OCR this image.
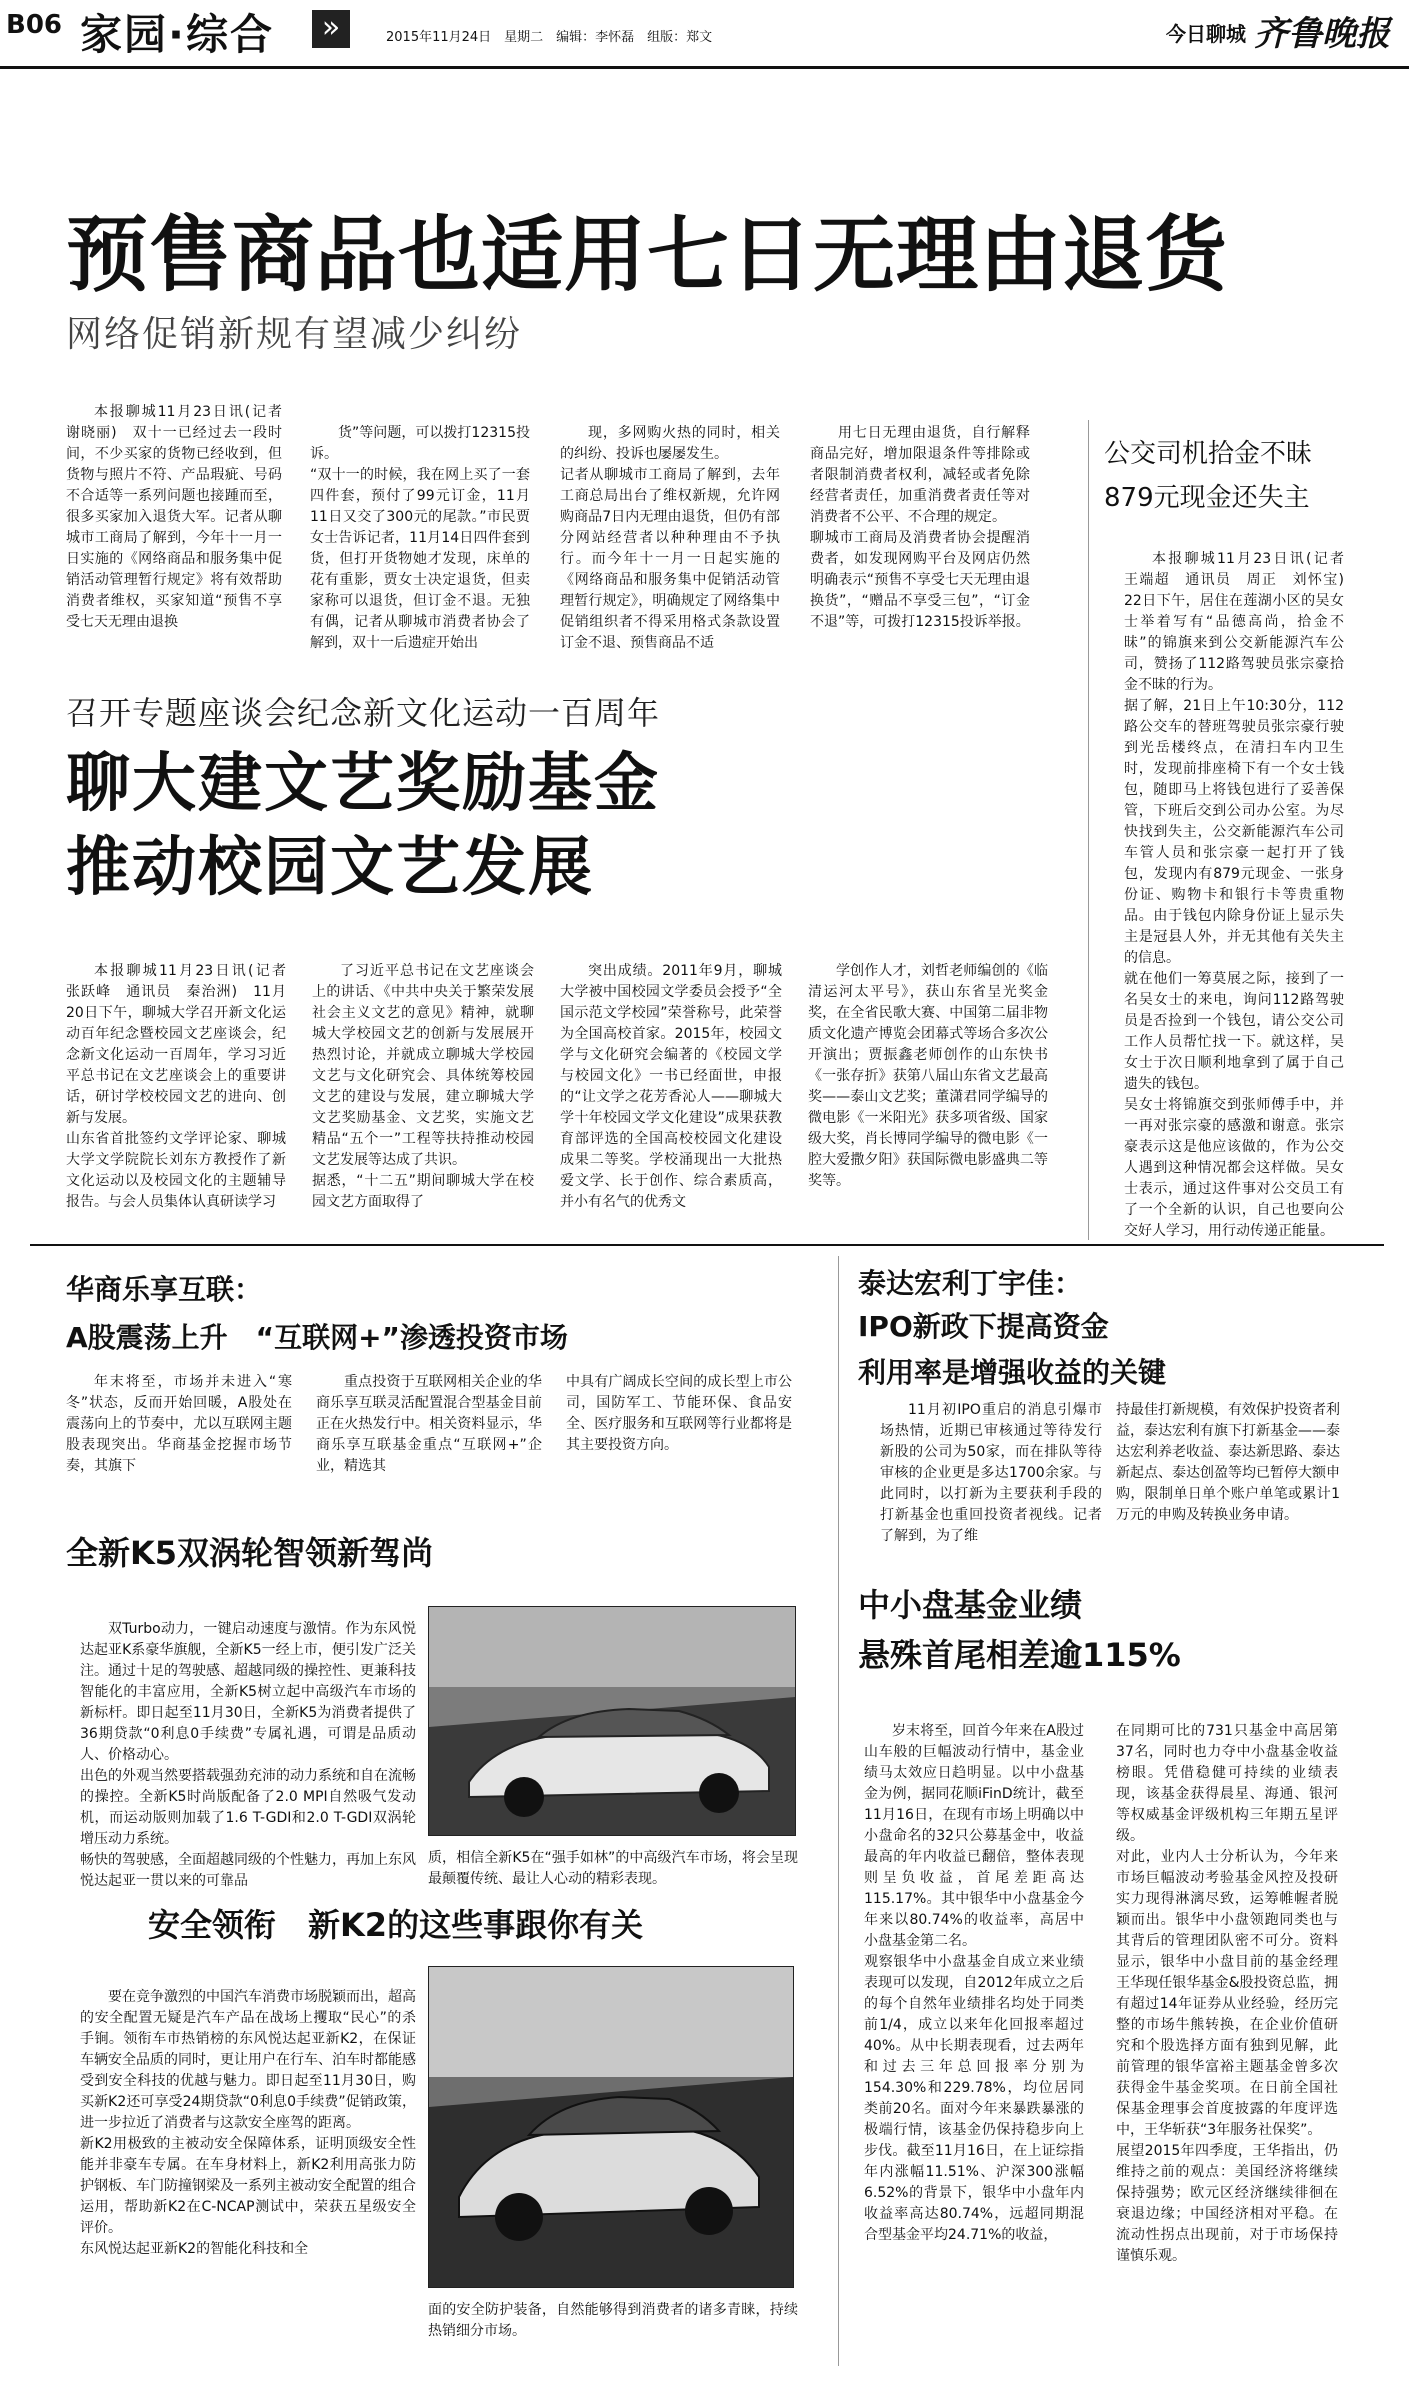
B06 家园·综合	»	2015年11月24日　星期二　编辑：李怀磊　组版：郑文	今日聊城 齐鲁晚报
预售商品也适用七日无理由退货
网络促销新规有望减少纠纷

本报聊城11月23日讯(记者　谢晓丽)　双十一已经过去一段时间，不少买家的货物已经收到，但货物与照片不符、产品瑕疵、号码不合适等一系列问题也接踵而至，很多买家加入退货大军。记者从聊城市工商局了解到，今年十一月一日实施的《网络商品和服务集中促销活动管理暂行规定》将有效帮助消费者维权，买家知道“预售不享受七天无理由退换

货”等问题，可以拨打12315投诉。
“双十一的时候，我在网上买了一套四件套，预付了99元订金，11月11日又交了300元的尾款。”市民贾女士告诉记者，11月14日四件套到货，但打开货物她才发现，床单的花有重影，贾女士决定退货，但卖家称可以退货，但订金不退。无独有偶，记者从聊城市消费者协会了解到，双十一后遗症开始出

现，多网购火热的同时，相关的纠纷、投诉也屡屡发生。
记者从聊城市工商局了解到，去年工商总局出台了维权新规，允许网购商品7日内无理由退货，但仍有部分网站经营者以种种理由不予执行。而今年十一月一日起实施的《网络商品和服务集中促销活动管理暂行规定》，明确规定了网络集中促销组织者不得采用格式条款设置订金不退、预售商品不适

用七日无理由退货，自行解释商品完好，增加限退条件等排除或者限制消费者权利，减轻或者免除经营者责任，加重消费者责任等对消费者不公平、不合理的规定。
聊城市工商局及消费者协会提醒消费者，如发现网购平台及网店仍然明确表示“预售不享受七天无理由退换货”，“赠品不享受三包”，“订金不退”等，可拨打12315投诉举报。

公交司机拾金不昧
879元现金还失主

本报聊城11月23日讯(记者　王端超　通讯员　周正　刘怀宝)　22日下午，居住在莲湖小区的吴女士举着写有“品德高尚，拾金不昧”的锦旗来到公交新能源汽车公司，赞扬了112路驾驶员张宗豪拾金不昧的行为。
据了解，21日上午10:30分，112路公交车的替班驾驶员张宗豪行驶到光岳楼终点，在清扫车内卫生时，发现前排座椅下有一个女士钱包，随即马上将钱包进行了妥善保管，下班后交到公司办公室。为尽快找到失主，公交新能源汽车公司车管人员和张宗豪一起打开了钱包，发现内有879元现金、一张身份证、购物卡和银行卡等贵重物品。由于钱包内除身份证上显示失主是冠县人外，并无其他有关失主的信息。
就在他们一筹莫展之际，接到了一名吴女士的来电，询问112路驾驶员是否捡到一个钱包，请公交公司工作人员帮忙找一下。就这样，吴女士于次日顺利地拿到了属于自己遗失的钱包。
吴女士将锦旗交到张师傅手中，并一再对张宗豪的感激和谢意。张宗豪表示这是他应该做的，作为公交人遇到这种情况都会这样做。吴女士表示，通过这件事对公交员工有了一个全新的认识，自己也要向公交好人学习，用行动传递正能量。

召开专题座谈会纪念新文化运动一百周年
聊大建文艺奖励基金
推动校园文艺发展

本报聊城11月23日讯(记者　张跃峰　通讯员　秦治洲)　11月20日下午，聊城大学召开新文化运动百年纪念暨校园文艺座谈会，纪念新文化运动一百周年，学习习近平总书记在文艺座谈会上的重要讲话，研讨学校校园文艺的进向、创新与发展。
山东省首批签约文学评论家、聊城大学文学院院长刘东方教授作了新文化运动以及校园文化的主题辅导报告。与会人员集体认真研读学习

了习近平总书记在文艺座谈会上的讲话、《中共中央关于繁荣发展社会主义文艺的意见》精神，就聊城大学校园文艺的创新与发展展开热烈讨论，并就成立聊城大学校园文艺与文化研究会、具体统筹校园文艺的建设与发展，建立聊城大学文艺奖励基金、文艺奖，实施文艺精品“五个一”工程等扶持推动校园文艺发展等达成了共识。
据悉，“十二五”期间聊城大学在校园文艺方面取得了

突出成绩。2011年9月，聊城大学被中国校园文学委员会授予“全国示范文学校园”荣誉称号，此荣誉为全国高校首家。2015年，校园文学与文化研究会编著的《校园文学与校园文化》一书已经面世，申报的“让文学之花芳香沁人——聊城大学十年校园文学文化建设”成果获教育部评选的全国高校校园文化建设成果二等奖。学校涌现出一大批热爱文学、长于创作、综合素质高，并小有名气的优秀文

学创作人才，刘哲老师编创的《临清运河太平号》，获山东省呈光奖金奖，在全省民歌大赛、中国第二届非物质文化遗产博览会团幕式等场合多次公开演出；贾振鑫老师创作的山东快书《一张存折》获第八届山东省文艺最高奖——泰山文艺奖；董潇君同学编导的微电影《一米阳光》获多项省级、国家级大奖，肖长博同学编导的微电影《一腔大爱撒夕阳》获国际微电影盛典二等奖等。

华商乐享互联：
A股震荡上升　“互联网+”渗透投资市场

年末将至，市场并未进入“寒冬”状态，反而开始回暖，A股处在震荡向上的节奏中，尤以互联网主题股表现突出。华商基金挖握市场节奏，其旗下

重点投资于互联网相关企业的华商乐享互联灵活配置混合型基金目前正在火热发行中。相关资料显示，华商乐享互联基金重点“互联网+”企业，精选其

中具有广阔成长空间的成长型上市公司，国防军工、节能环保、食品安全、医疗服务和互联网等行业都将是其主要投资方向。

泰达宏利丁宇佳：
IPO新政下提高资金
利用率是增强收益的关键

11月初IPO重启的消息引爆市场热情，近期已审核通过等待发行新股的公司为50家，而在排队等待审核的企业更是多达1700余家。与此同时，以打新为主要获利手段的打新基金也重回投资者视线。记者了解到，为了维

持最佳打新规模，有效保护投资者利益，泰达宏利有旗下打新基金——泰达宏利养老收益、泰达新思路、泰达新起点、泰达创盈等均已暂停大额申购，限制单日单个账户单笔或累计1万元的申购及转换业务申请。

全新K5双涡轮智领新驾尚

双Turbo动力，一键启动速度与激情。作为东风悦达起亚K系豪华旗舰，全新K5一经上市，便引发广泛关注。通过十足的驾驶感、超越同级的操控性、更兼科技智能化的丰富应用，全新K5树立起中高级汽车市场的新标杆。即日起至11月30日，全新K5为消费者提供了36期贷款“0利息0手续费”专属礼遇，可谓是品质动人、价格动心。
出色的外观当然要搭载强劲充沛的动力系统和自在流畅的操控。全新K5时尚版配备了2.0 MPI自然吸气发动机，而运动版则加载了1.6 T-GDI和2.0 T-GDI双涡轮增压动力系统。
畅快的驾驶感，全面超越同级的个性魅力，再加上东风悦达起亚一贯以来的可靠品

质，相信全新K5在“强手如林”的中高级汽车市场，将会呈现最颠覆传统、最让人心动的精彩表现。

中小盘基金业绩
悬殊首尾相差逾115%

岁末将至，回首今年来在A股过山车般的巨幅波动行情中，基金业绩马太效应日趋明显。以中小盘基金为例，据同花顺iFinD统计，截至11月16日，在现有市场上明确以中小盘命名的32只公募基金中，收益最高的年内收益已翻倍，整体表现则呈负收益，首尾差距高达115.17%。其中银华中小盘基金今年来以80.74%的收益率，高居中小盘基金第二名。
观察银华中小盘基金自成立来业绩表现可以发现，自2012年成立之后的每个自然年业绩排名均处于同类前1/4，成立以来年化回报率超过40%。从中长期表现看，过去两年和过去三年总回报率分别为154.30%和229.78%，均位居同类前20名。面对今年来暴跌暴涨的极端行情，该基金仍保持稳步向上步伐。截至11月16日，在上证综指年内涨幅11.51%、沪深300涨幅6.52%的背景下，银华中小盘年内收益率高达80.74%，远超同期混合型基金平均24.71%的收益，

在同期可比的731只基金中高居第37名，同时也力夺中小盘基金收益榜眼。凭借稳健可持续的业绩表现，该基金获得晨星、海通、银河等权威基金评级机构三年期五星评级。
对此，业内人士分析认为，今年来市场巨幅波动考验基金风控及投研实力现得淋漓尽致，运筹帷幄者脱颖而出。银华中小盘领跑同类也与其背后的管理团队密不可分。资料显示，银华中小盘目前的基金经理王华现任银华基金&股投资总监，拥有超过14年证券从业经验，经历完整的市场牛熊转换，在企业价值研究和个股选择方面有独到见解，此前管理的银华富裕主题基金曾多次获得金牛基金奖项。在日前全国社保基金理事会首度披露的年度评选中，王华斩获“3年服务社保奖”。
展望2015年四季度，王华指出，仍维持之前的观点：美国经济将继续保持强势；欧元区经济继续徘徊在衰退边缘；中国经济相对平稳。在流动性拐点出现前，对于市场保持谨慎乐观。

安全领衔　新K2的这些事跟你有关

要在竞争激烈的中国汽车消费市场脱颖而出，超高的安全配置无疑是汽车产品在战场上攫取“民心”的杀手锏。领衔车市热销榜的东风悦达起亚新K2，在保证车辆安全品质的同时，更让用户在行车、泊车时都能感受到安全科技的优越与魅力。即日起至11月30日，购买新K2还可享受24期贷款“0利息0手续费”促销政策，进一步拉近了消费者与这款安全座驾的距离。
新K2用极致的主被动安全保障体系，证明顶级安全性能并非豪车专属。在车身材料上，新K2利用高张力防护钢板、车门防撞钢梁及一系列主被动安全配置的组合运用，帮助新K2在C-NCAP测试中，荣获五星级安全评价。
东风悦达起亚新K2的智能化科技和全

面的安全防护装备，自然能够得到消费者的诸多青睐，持续热销细分市场。
